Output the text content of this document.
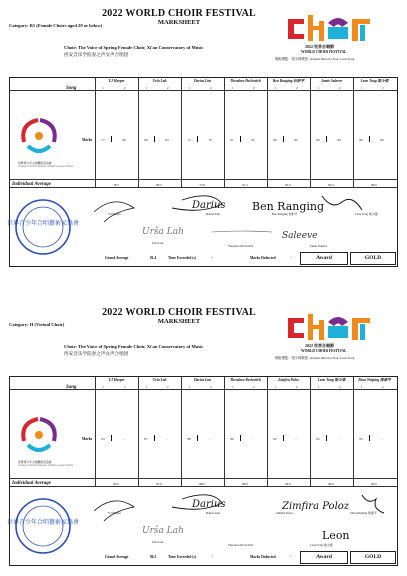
2022 WORLD CHOIR FESTIVAL
MARKSHEET
Category: B1 (Female Choirs aged 29 or below)
Choir: The Voice of Spring Female Choir, Xi'an Conservatory of Music
西安音乐学院春之声女声合唱团
2022 世界合唱節
WORLD CHOIR FESTIVAL
藝術總監：梁少偉教授 | Artistic Director Prof. Leon Tong
Song
Y.J Harper	Urša Lah	Darius Lim	Theodora Pavlovitch	Ben Ranging 杜彬平	Jamie Saleeve	Leon Tong 梁少偉
1	2	1	2	1	2	1	2	1	2	1	2	1	2
世界青少年合唱藝術家協會
GLOBAL YOUTH CHORAL ARTISTS ASSOCIATION
Marks	77	80	80	83	72	76	91	92	80	82	80	84	89	89
Individual Average	78.5	80.5	73.8	91.5	81.0	82.0	89.0
世界青少年合唱藝術家協會
Urša Lah
Darius Ben Ranging
Saleeve
Y.J Harper	Darius Lim	Ben Ranging 杜彬平	Leon Tong 梁少偉
Urša Lah
Theodora Pavlovitch	Jamie Saleeve
Grand Average	81.4	Time Exceeded (s)	-	Marks Deducted	-	Award	GOLD
2022 WORLD CHOIR FESTIVAL
MARKSHEET
Category: H (Virtual Choir)
Choir: The Voice of Spring Female Choir, Xi'an Conservatory of Music
西安音乐学院春之声女声合唱团
2022 世界合唱節
WORLD CHOIR FESTIVAL
藝術總監：梁少偉教授 | Artistic Director Prof. Leon Tong
Song
Y.J Harper	Urša Lah	Darius Lim	Theodora Pavlovitch	Zimfira Poloz	Leon Tong 梁少偉	Zhou Weiping 周偉平
1	2	1	2	1	2	1	2	1	2	1	2	1	2
世界青少年合唱藝術家協會
GLOBAL YOUTH CHORAL ARTISTS ASSOCIATION
Marks	93	-	87	-	88	-	89	-	82	-	82	-	83	-
Individual Average	93.0	87.0	88.0	89.0	82.0	82.0	83.0
世界青少年合唱藝術家協會
Urša Lah
Darius	Zimfira Poloz
Leon
Y.J Harper	Darius Lim	Zimfira Poloz	Zhou Weiping 周偉平
Urša Lah
Theodora Pavlovitch	Leon Tong 梁少偉
Grand Average	86.3	Time Exceeded (s)	-	Marks Deducted	-	Award	GOLD
